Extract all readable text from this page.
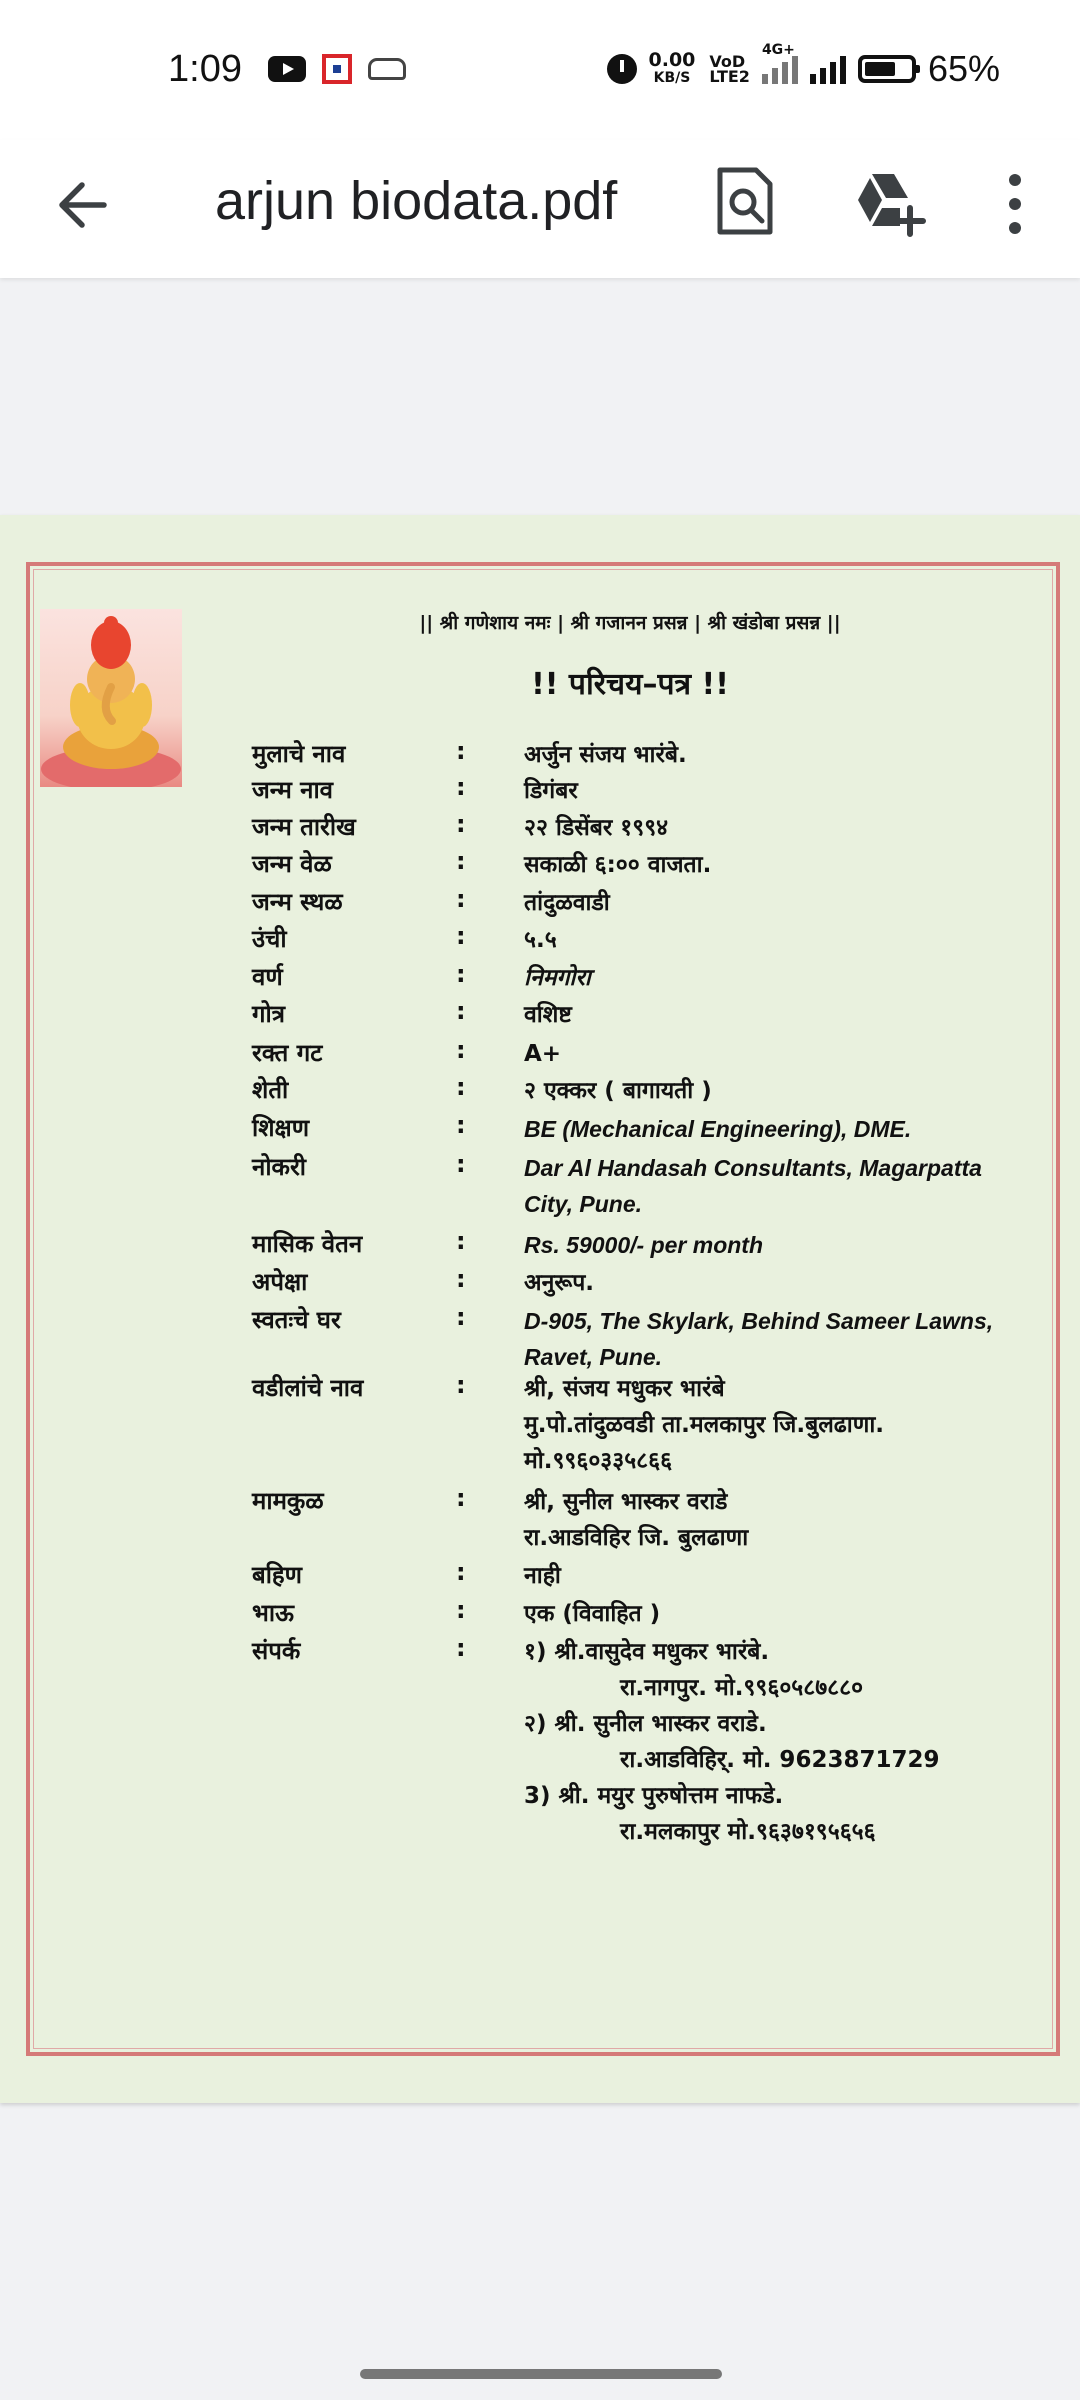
1:09	0.00
KB/S
VoD
LTE2
4G+	65%
arjun biodata.pdf
|| श्री गणेशाय नमः | श्री गजानन प्रसन्न | श्री खंडोबा प्रसन्न ||
!! परिचय–पत्र !!
मुलाचे नाव	:	अर्जुन संजय भारंबे.
जन्म नाव	:	डिगंबर
जन्म तारीख	:	२२ डिसेंबर १९९४
जन्म वेळ	:	सकाळी ६:०० वाजता.
जन्म स्थळ	:	तांदुळवाडी
उंची	:	५.५
वर्ण	:	निमगोरा
गोत्र	:	वशिष्ट
रक्त गट	:	A+
शेती	:	२ एक्कर ( बागायती )
शिक्षण	:	BE (Mechanical Engineering), DME.
नोकरी	:	Dar Al Handasah Consultants, Magarpatta
City, Pune.
मासिक वेतन	:	Rs. 59000/- per month
अपेक्षा	:	अनुरूप.
स्वतःचे घर	:	D-905, The Skylark, Behind Sameer Lawns,
Ravet, Pune.
वडीलांचे नाव	:	श्री, संजय मधुकर भारंबे
मु.पो.तांदुळवडी ता.मलकापुर जि.बुलढाणा.
मो.९९६०३३५८६६
मामकुळ	:	श्री, सुनील भास्कर वराडे
रा.आडविहिर जि. बुलढाणा
बहिण	:	नाही
भाऊ	:	एक (विवाहित )
संपर्क	:	१) श्री.वासुदेव मधुकर भारंबे.
रा.नागपुर. मो.९९६०५८७८८०
२) श्री. सुनील भास्कर वराडे.
रा.आडविहिर्. मो. 9623871729
3) श्री. मयुर पुरुषोत्तम नाफडे.
रा.मलकापुर मो.९६३७१९५६५६
